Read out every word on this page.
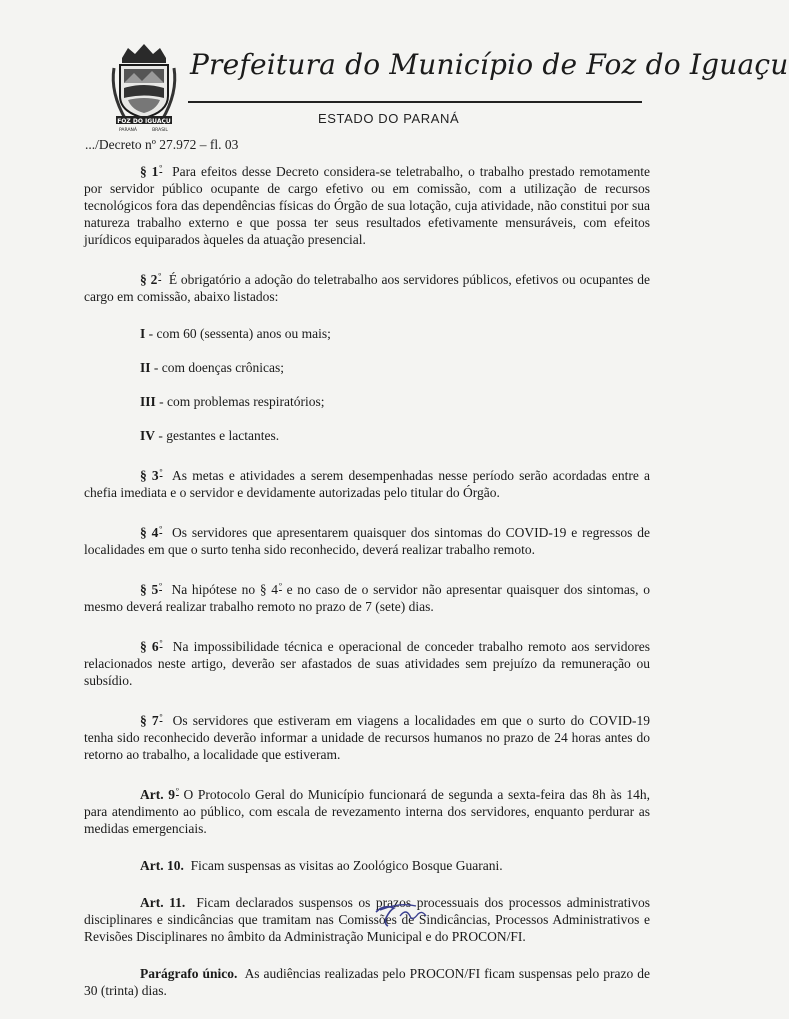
FOZ DO IGUAÇU
PARANÁ	BRASIL
Prefeitura do Município de Foz do Iguaçu
ESTADO DO PARANÁ
.../Decreto nº 27.972 – fl. 03

§ $1^º$ Para efeitos desse Decreto considera-se teletrabalho, o trabalho prestado remotamente por servidor público ocupante de cargo efetivo ou em comissão, com a utilização de recursos tecnológicos fora das dependências físicas do Órgão de sua lotação, cuja atividade, não constitui por sua natureza trabalho externo e que possa ter seus resultados efetivamente mensuráveis, com efeitos jurídicos equiparados àqueles da atuação presencial.

§ $2^º$ É obrigatório a adoção do teletrabalho aos servidores públicos, efetivos ou ocupantes de cargo em comissão, abaixo listados:

I - com 60 (sessenta) anos ou mais;
II - com doenças crônicas;
III - com problemas respiratórios;
IV - gestantes e lactantes.

§ $3^º$ As metas e atividades a serem desempenhadas nesse período serão acordadas entre a chefia imediata e o servidor e devidamente autorizadas pelo titular do Órgão.

§ $4^º$ Os servidores que apresentarem quaisquer dos sintomas do COVID-19 e regressos de localidades em que o surto tenha sido reconhecido, deverá realizar trabalho remoto.

§ $5^º$ Na hipótese no § $4^º$ e no caso de o servidor não apresentar quaisquer dos sintomas, o mesmo deverá realizar trabalho remoto no prazo de 7 (sete) dias.

§ $6^º$ Na impossibilidade técnica e operacional de conceder trabalho remoto aos servidores relacionados neste artigo, deverão ser afastados de suas atividades sem prejuízo da remuneração ou subsídio.

§ $7^º$ Os servidores que estiveram em viagens a localidades em que o surto do COVID-19 tenha sido reconhecido deverão informar a unidade de recursos humanos no prazo de 24 horas antes do retorno ao trabalho, a localidade que estiveram.

Art. $9^º$ O Protocolo Geral do Município funcionará de segunda a sexta-feira das 8h às 14h, para atendimento ao público, com escala de revezamento interna dos servidores, enquanto perdurar as medidas emergenciais.

Art. 10. Ficam suspensas as visitas ao Zoológico Bosque Guarani.

Art. 11. Ficam declarados suspensos os prazos processuais dos processos administrativos disciplinares e sindicâncias que tramitam nas Comissões de Sindicâncias, Processos Administrativos e Revisões Disciplinares no âmbito da Administração Municipal e do PROCON/FI.

Parágrafo único. As audiências realizadas pelo PROCON/FI ficam suspensas pelo prazo de 30 (trinta) dias.
